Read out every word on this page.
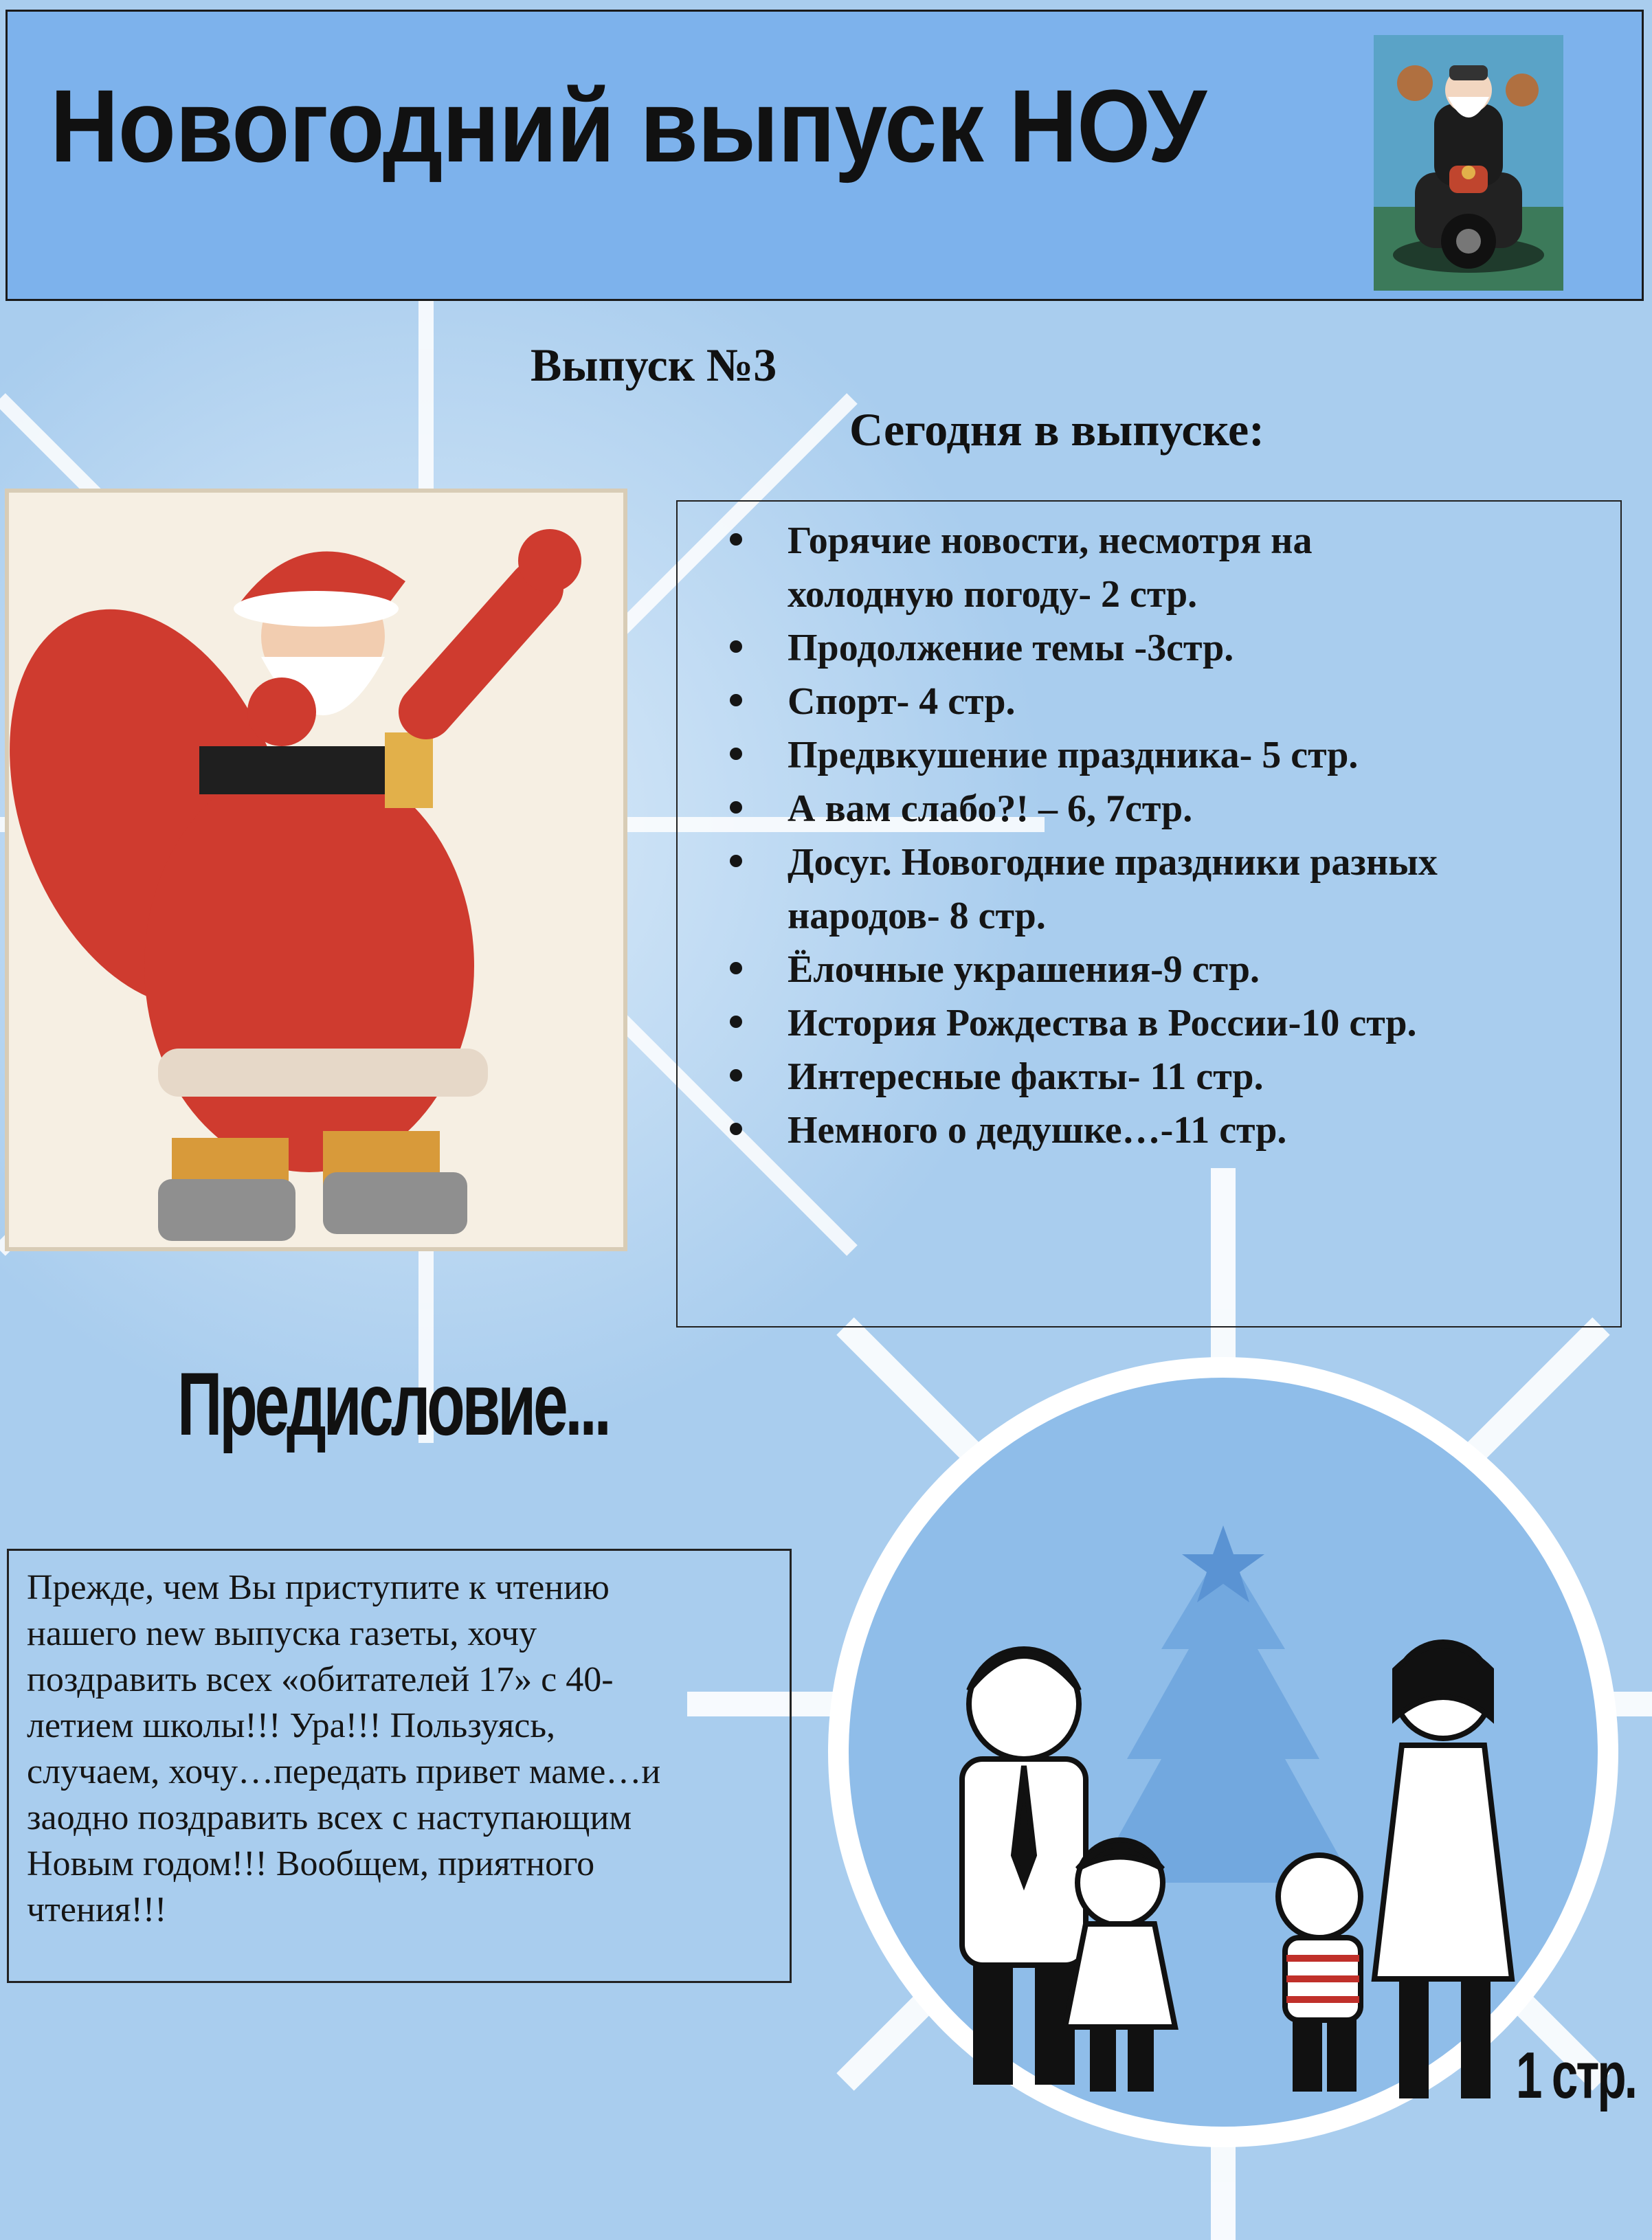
Новогодний выпуск НОУ
Выпуск №3
Сегодня в выпуске:
Горячие новости, несмотря на
холодную погоду- 2 стр.
Продолжение темы -3стр.
Спорт- 4 стр.
Предвкушение праздника- 5 стр.
А вам слабо?! – 6, 7стр.
Досуг. Новогодние праздники разных
народов- 8 стр.
Ёлочные украшения-9 стр.
История Рождества в России-10 стр.
Интересные факты- 11 стр.
Немного о дедушке…-11 стр.
Предисловие...
Прежде, чем Вы приступите к чтению
нашего new выпуска газеты, хочу
поздравить всех «обитателей 17» с 40-
летием школы!!! Ура!!! Пользуясь,
случаем, хочу…передать привет маме…и
заодно поздравить всех с наступающим
Новым годом!!! Вообщем, приятного
чтения!!!
1 стр.
